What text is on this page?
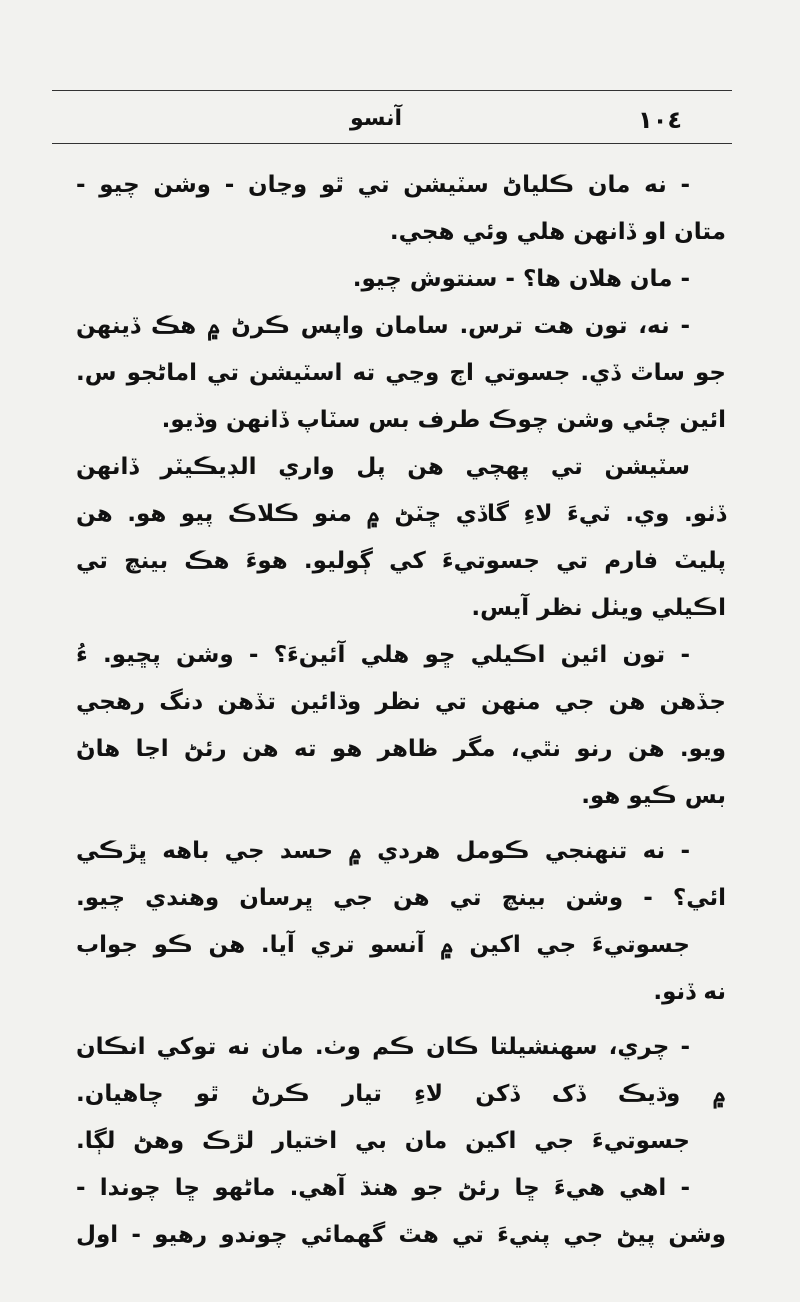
١٠٤
آنسو
- نه مان ڪلياڻ سٽيشن تي ٿو وڃان - وشن چيو -
متان او ڏانهن هلي وئي هجي.
- مان هلان ها؟ - سنتوش چيو.
- نه، تون هت ترس. سامان واپس ڪرڻ ۾ هڪ ڏينهن
جو ساٿ ڏي. جسوتي اڄ وڃي ته اسٽيشن تي اماڻجو س.
ائين چئي وشن چوڪ طرف بس سٽاپ ڏانهن وڌيو.
سٽيشن تي پهچي هن پل واري الڊيڪيٽر ڏانهن
ڏٺو. وي. ٽيءَ لاءِ گاڏي ڇٽڻ ۾ منو ڪلاڪ پيو هو. هن
پليٽ فارم تي جسوتيءَ کي ڳوليو. هوءَ هڪ بينچ تي
اڪيلي ويٺل نظر آيس.
- تون ائين اڪيلي ڇو هلي آئينءَ؟ - وشن پڇيو. ءُ
جڏهن هن جي منهن تي نظر وڌائين تڏهن دنگ رهجي
ويو. هن رنو نٿي، مگر ظاهر هو ته هن رئڻ اڃا هاڻ
بس ڪيو هو.
- نه تنهنجي ڪومل هردي ۾ حسد جي باهه ڀڙڪي
ائي؟ - وشن بينچ تي هن جي ڀرسان وهندي چيو.
جسوتيءَ جي اکين ۾ آنسو تري آيا. هن ڪو جواب
نه ڏنو.
- چري، سهنشيلتا ڪان ڪم وٺ. مان نه توکي انڪان
۾ وڌيڪ ڏک ڏکن لاءِ تيار ڪرڻ ٿو چاهيان.
جسوتيءَ جي اکين مان بي اختيار لڙڪ وهڻ لڳا.
- اهي هيءَ ڇا رئڻ جو هنڌ آهي. ماڻهو ڇا چوندا -
وشن پيڻ جي پنيءَ تي هٿ گهمائي چوندو رهيو - اول
